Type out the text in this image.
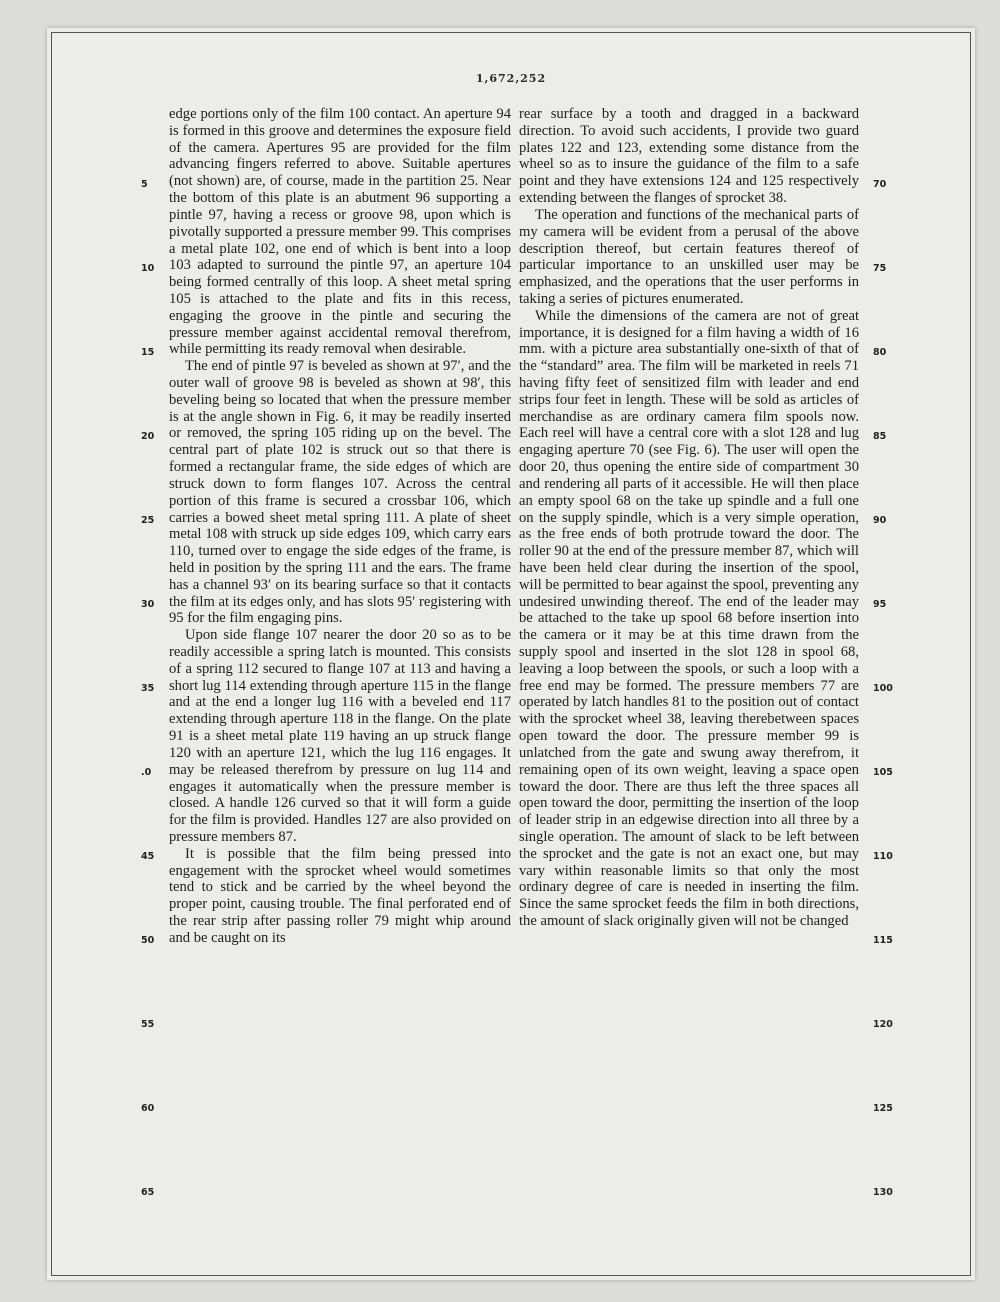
1,672,252

edge portions only of the film 100 contact. An aperture 94 is formed in this groove and determines the exposure field of the camera. Apertures 95 are provided for the film advancing fingers referred to above. Suitable apertures (not shown) are, of course, made in the partition 25. Near the bottom of this plate is an abutment 96 supporting a pintle 97, having a recess or groove 98, upon which is pivotally supported a pressure member 99. This comprises a metal plate 102, one end of which is bent into a loop 103 adapted to surround the pintle 97, an aperture 104 being formed centrally of this loop. A sheet metal spring 105 is attached to the plate and fits in this recess, engaging the groove in the pintle and securing the pressure member against accidental removal therefrom, while permitting its ready removal when desirable.

The end of pintle 97 is beveled as shown at 97′, and the outer wall of groove 98 is beveled as shown at 98′, this beveling being so located that when the pressure member is at the angle shown in Fig. 6, it may be readily inserted or removed, the spring 105 riding up on the bevel. The central part of plate 102 is struck out so that there is formed a rectangular frame, the side edges of which are struck down to form flanges 107. Across the central portion of this frame is secured a crossbar 106, which carries a bowed sheet metal spring 111. A plate of sheet metal 108 with struck up side edges 109, which carry ears 110, turned over to engage the side edges of the frame, is held in position by the spring 111 and the ears. The frame has a channel 93′ on its bearing surface so that it contacts the film at its edges only, and has slots 95′ registering with 95 for the film engaging pins.

Upon side flange 107 nearer the door 20 so as to be readily accessible a spring latch is mounted. This consists of a spring 112 secured to flange 107 at 113 and having a short lug 114 extending through aperture 115 in the flange and at the end a longer lug 116 with a beveled end 117 extending through aperture 118 in the flange. On the plate 91 is a sheet metal plate 119 having an up struck flange 120 with an aperture 121, which the lug 116 engages. It may be released therefrom by pressure on lug 114 and engages it automatically when the pressure member is closed. A handle 126 curved so that it will form a guide for the film is provided. Handles 127 are also provided on pressure members 87.

It is possible that the film being pressed into engagement with the sprocket wheel would sometimes tend to stick and be carried by the wheel beyond the proper point, causing trouble. The final perforated end of the rear strip after passing roller 79 might whip around and be caught on its

rear surface by a tooth and dragged in a backward direction. To avoid such accidents, I provide two guard plates 122 and 123, extending some distance from the wheel so as to insure the guidance of the film to a safe point and they have extensions 124 and 125 respectively extending between the flanges of sprocket 38.

The operation and functions of the mechanical parts of my camera will be evident from a perusal of the above description thereof, but certain features thereof of particular importance to an unskilled user may be emphasized, and the operations that the user performs in taking a series of pictures enumerated.

While the dimensions of the camera are not of great importance, it is designed for a film having a width of 16 mm. with a picture area substantially one-sixth of that of the “standard” area. The film will be marketed in reels 71 having fifty feet of sensitized film with leader and end strips four feet in length. These will be sold as articles of merchandise as are ordinary camera film spools now. Each reel will have a central core with a slot 128 and lug engaging aperture 70 (see Fig. 6). The user will open the door 20, thus opening the entire side of compartment 30 and rendering all parts of it accessible. He will then place an empty spool 68 on the take up spindle and a full one on the supply spindle, which is a very simple operation, as the free ends of both protrude toward the door. The roller 90 at the end of the pressure member 87, which will have been held clear during the insertion of the spool, will be permitted to bear against the spool, preventing any undesired unwinding thereof. The end of the leader may be attached to the take up spool 68 before insertion into the camera or it may be at this time drawn from the supply spool and inserted in the slot 128 in spool 68, leaving a loop between the spools, or such a loop with a free end may be formed. The pressure members 77 are operated by latch handles 81 to the position out of contact with the sprocket wheel 38, leaving therebetween spaces open toward the door. The pressure member 99 is unlatched from the gate and swung away therefrom, it remaining open of its own weight, leaving a space open toward the door. There are thus left the three spaces all open toward the door, permitting the insertion of the loop of leader strip in an edgewise direction into all three by a single operation. The amount of slack to be left between the sprocket and the gate is not an exact one, but may vary within reasonable limits so that only the most ordinary degree of care is needed in inserting the film. Since the same sprocket feeds the film in both directions, the amount of slack originally given will not be changed

5
10
15
20
25
30
35
.0
45
50
55
60
65
70
75
80
85
90
95
100
105
110
115
120
125
130
